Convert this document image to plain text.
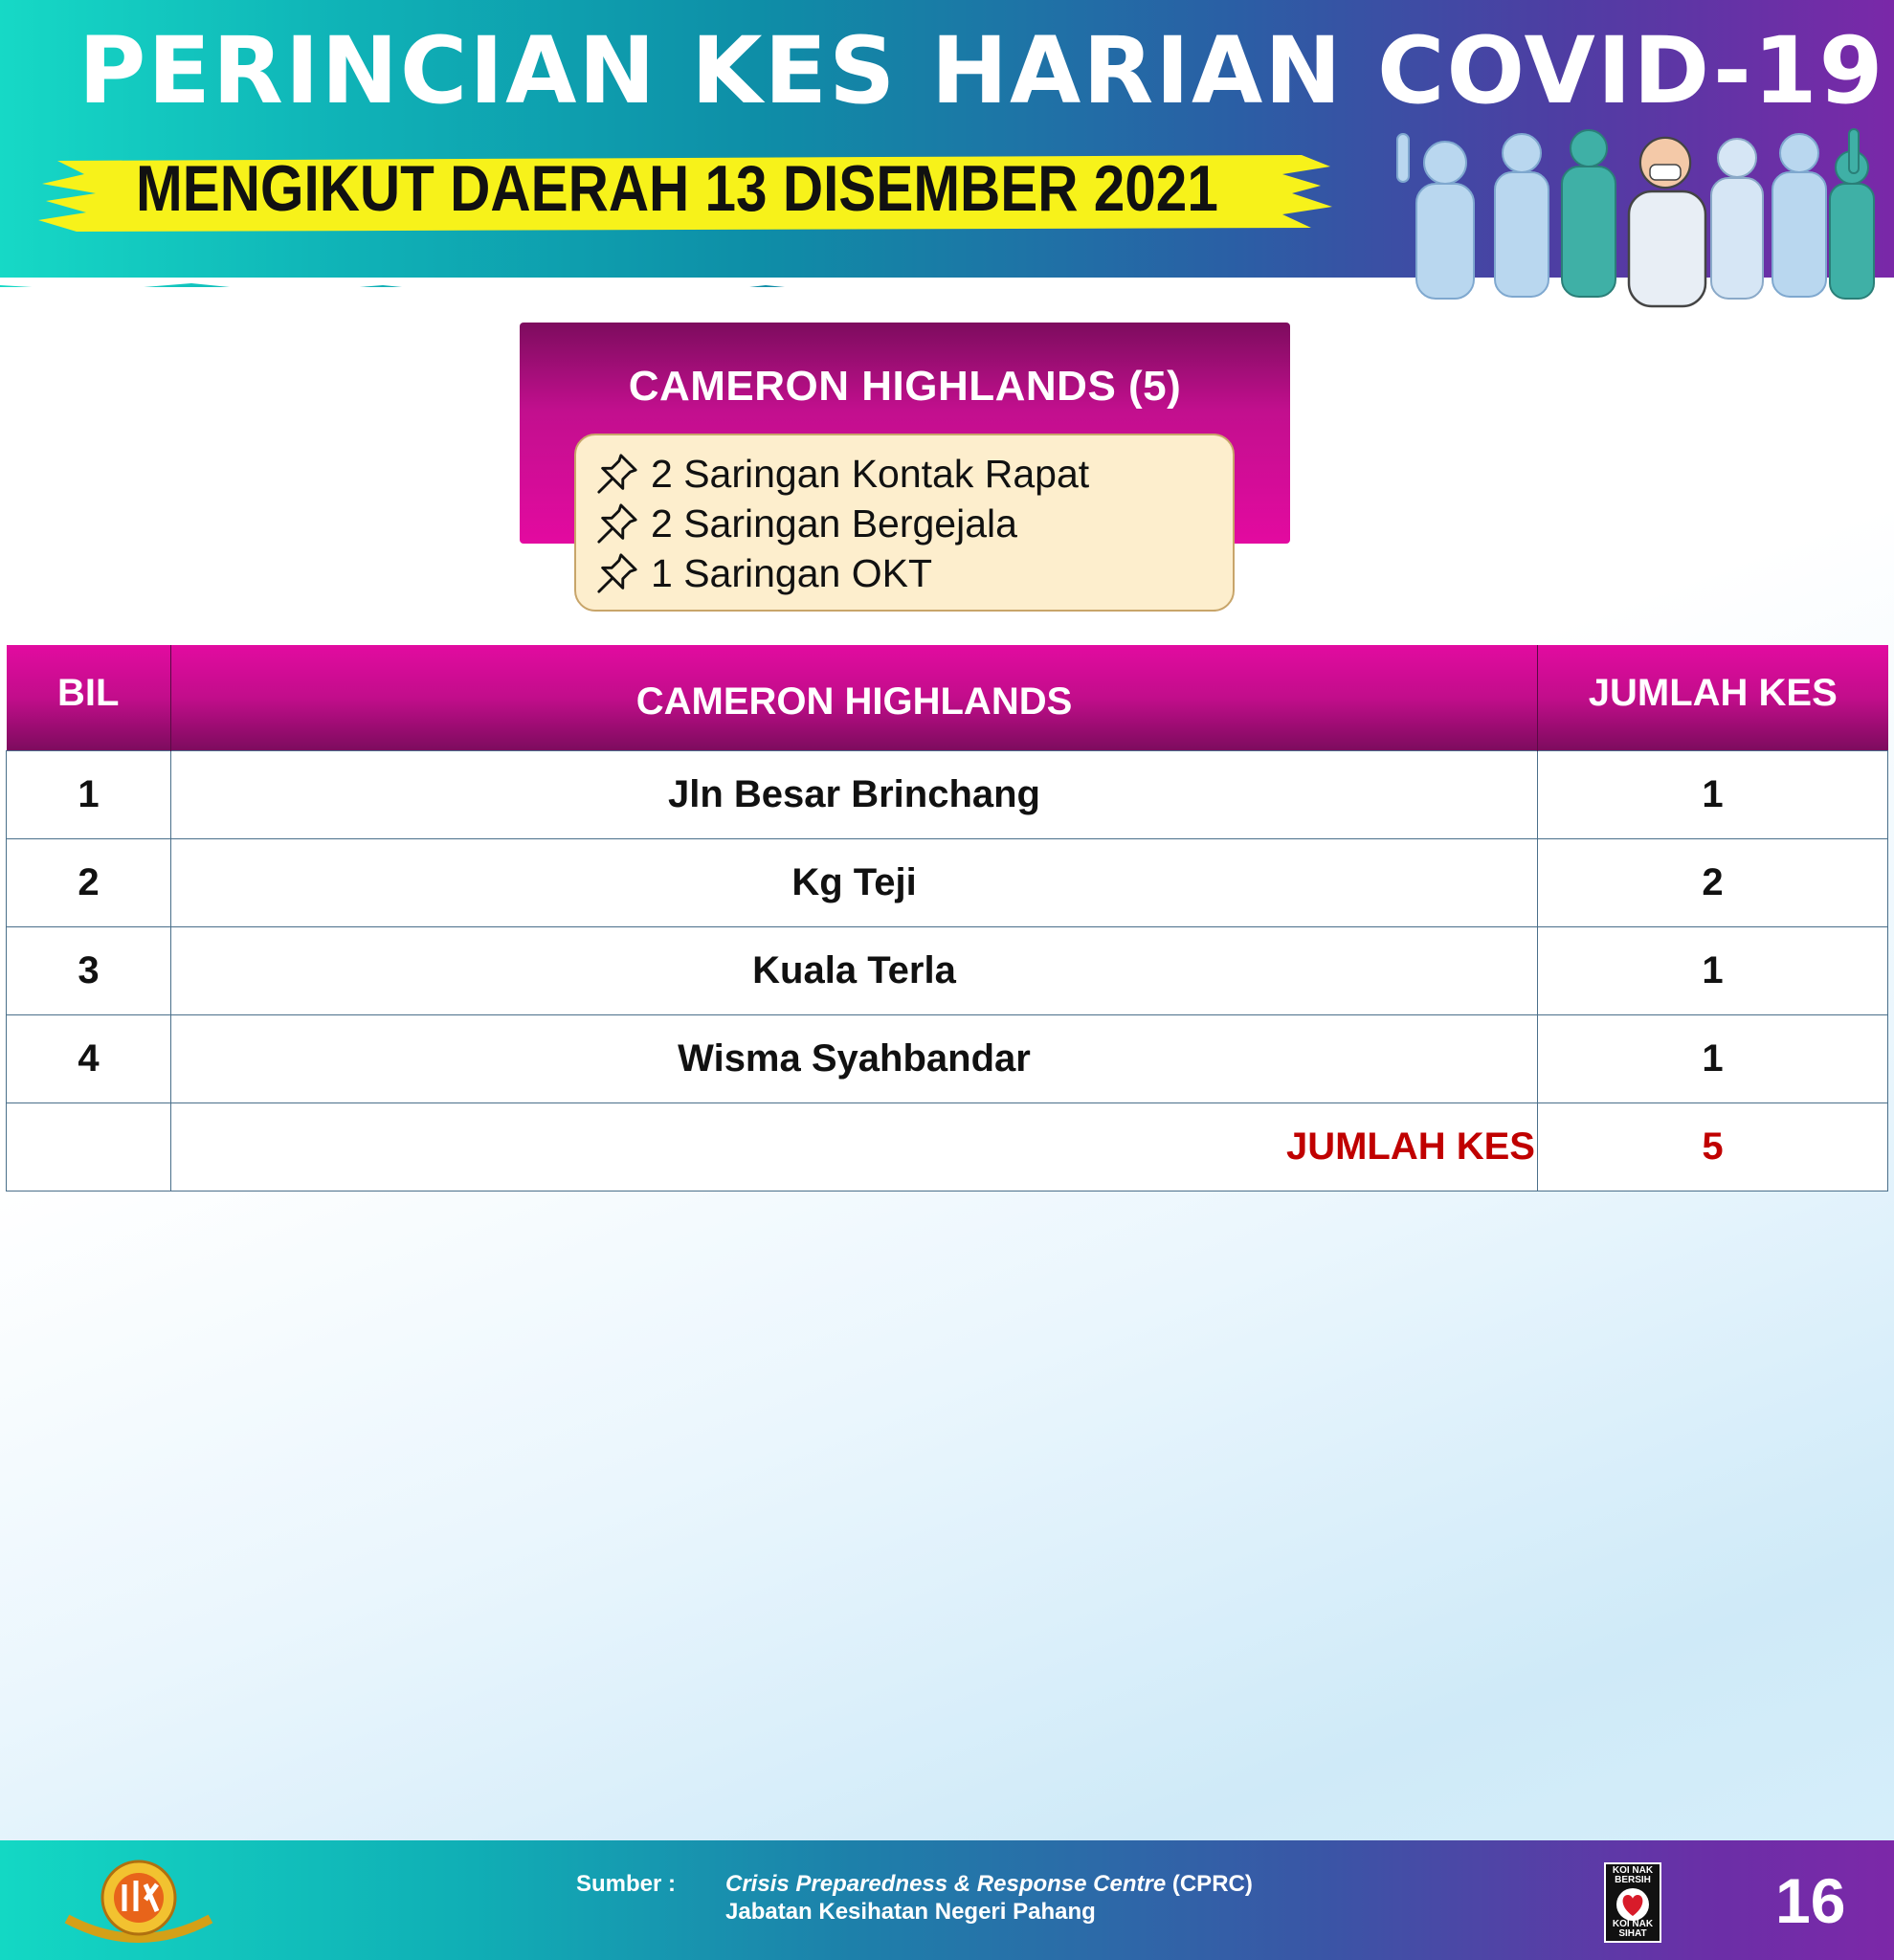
PERINCIAN KES HARIAN COVID-19
MENGIKUT DAERAH 13 DISEMBER 2021
CAMERON HIGHLANDS (5)
2 Saringan Kontak Rapat
2 Saringan Bergejala
1 Saringan OKT
BIL	CAMERON HIGHLANDS	JUMLAH KES
1	Jln Besar Brinchang	1
2	Kg Teji	2
3	Kuala Terla	1
4	Wisma Syahbandar	1
	JUMLAH KES	5
Sumber : Crisis Preparedness & Response Centre (CPRC)
Jabatan Kesihatan Negeri Pahang
KOI NAK BERSIH
KOI NAK SIHAT 16
